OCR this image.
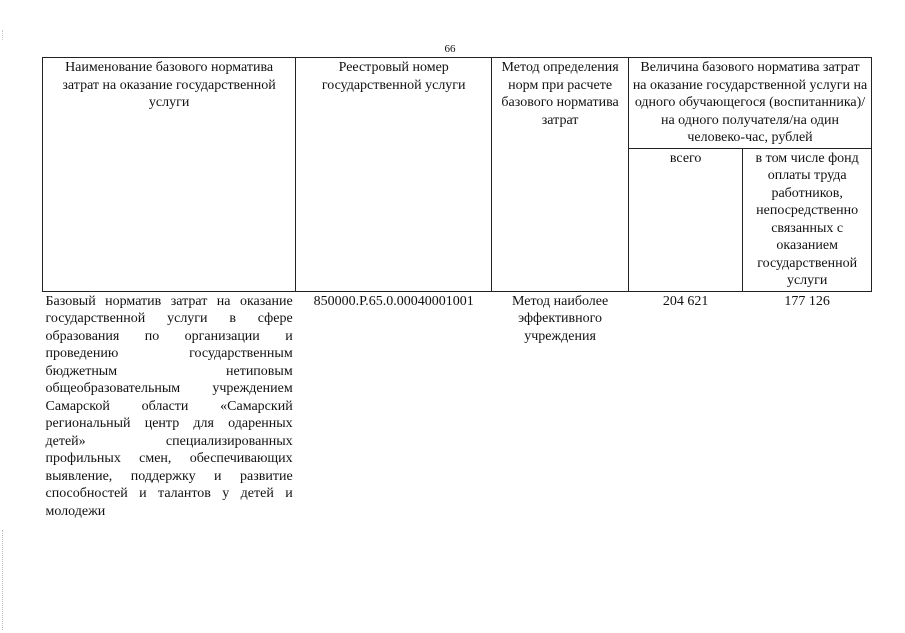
66
Наименование базового норматива затрат на оказание государственной услуги	Реестровый номер государственной услуги	Метод определения норм при расчете базового норматива затрат	Величина базового норматива затрат на оказание государственной услуги на одного обучающегося (воспитанника)/на одного получателя/на один человеко-час, рублей	
			всего	в том числе фонд оплаты труда работников, непосредственно связанных с оказанием государственной услуги
Базовый норматив затрат на оказание государственной услуги в сфере образования по организации и проведению государственным бюджетным нетиповым общеобразовательным учреждением Самарской области «Самарский региональный центр для одаренных детей» специализированных профильных смен, обеспечивающих выявление, поддержку и развитие способностей и талантов у детей и молодежи	850000.Р.65.0.00040001001	Метод наиболее эффективного учреждения	204 621	177 126
